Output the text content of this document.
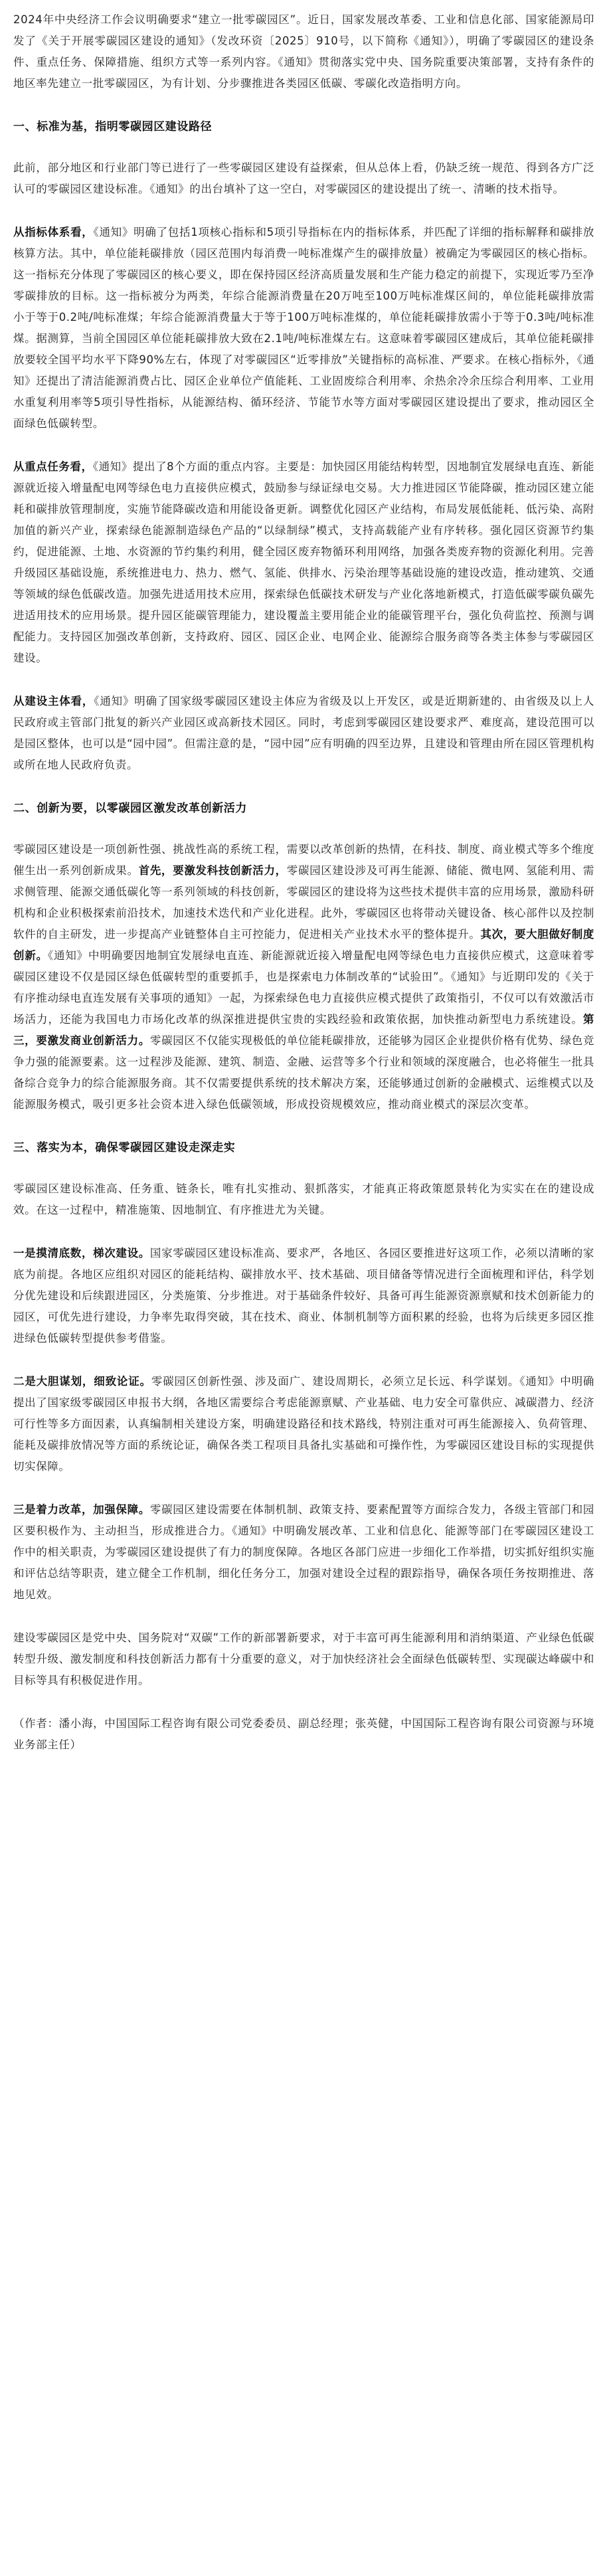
2024年中央经济工作会议明确要求“建立一批零碳园区”。近日，国家发展改革委、工业和信息化部、国家能源局印发了《关于开展零碳园区建设的通知》（发改环资〔2025〕910号，以下简称《通知》），明确了零碳园区的建设条件、重点任务、保障措施、组织方式等一系列内容。《通知》贯彻落实党中央、国务院重要决策部署，支持有条件的地区率先建立一批零碳园区，为有计划、分步骤推进各类园区低碳、零碳化改造指明方向。

一、标准为基，指明零碳园区建设路径

此前，部分地区和行业部门等已进行了一些零碳园区建设有益探索，但从总体上看，仍缺乏统一规范、得到各方广泛认可的零碳园区建设标准。《通知》的出台填补了这一空白，对零碳园区的建设提出了统一、清晰的技术指导。

从指标体系看，《通知》明确了包括1项核心指标和5项引导指标在内的指标体系，并匹配了详细的指标解释和碳排放核算方法。其中，单位能耗碳排放（园区范围内每消费一吨标准煤产生的碳排放量）被确定为零碳园区的核心指标。这一指标充分体现了零碳园区的核心要义，即在保持园区经济高质量发展和生产能力稳定的前提下，实现近零乃至净零碳排放的目标。这一指标被分为两类，年综合能源消费量在20万吨至100万吨标准煤区间的，单位能耗碳排放需小于等于0.2吨/吨标准煤；年综合能源消费量大于等于100万吨标准煤的，单位能耗碳排放需小于等于0.3吨/吨标准煤。据测算，当前全国园区单位能耗碳排放大致在2.1吨/吨标准煤左右。这意味着零碳园区建成后，其单位能耗碳排放要较全国平均水平下降90%左右，体现了对零碳园区“近零排放”关键指标的高标准、严要求。在核心指标外，《通知》还提出了清洁能源消费占比、园区企业单位产值能耗、工业固废综合利用率、余热余冷余压综合利用率、工业用水重复利用率等5项引导性指标，从能源结构、循环经济、节能节水等方面对零碳园区建设提出了要求，推动园区全面绿色低碳转型。

从重点任务看，《通知》提出了8个方面的重点内容。主要是：加快园区用能结构转型，因地制宜发展绿电直连、新能源就近接入增量配电网等绿色电力直接供应模式，鼓励参与绿证绿电交易。大力推进园区节能降碳，推动园区建立能耗和碳排放管理制度，实施节能降碳改造和用能设备更新。调整优化园区产业结构，布局发展低能耗、低污染、高附加值的新兴产业，探索绿色能源制造绿色产品的“以绿制绿”模式，支持高载能产业有序转移。强化园区资源节约集约，促进能源、土地、水资源的节约集约利用，健全园区废弃物循环利用网络，加强各类废弃物的资源化利用。完善升级园区基础设施，系统推进电力、热力、燃气、氢能、供排水、污染治理等基础设施的建设改造，推动建筑、交通等领域的绿色低碳改造。加强先进适用技术应用，探索绿色低碳技术研发与产业化落地新模式，打造低碳零碳负碳先进适用技术的应用场景。提升园区能碳管理能力，建设覆盖主要用能企业的能碳管理平台，强化负荷监控、预测与调配能力。支持园区加强改革创新，支持政府、园区、园区企业、电网企业、能源综合服务商等各类主体参与零碳园区建设。

从建设主体看，《通知》明确了国家级零碳园区建设主体应为省级及以上开发区，或是近期新建的、由省级及以上人民政府或主管部门批复的新兴产业园区或高新技术园区。同时，考虑到零碳园区建设要求严、难度高，建设范围可以是园区整体，也可以是“园中园”。但需注意的是，“园中园”应有明确的四至边界，且建设和管理由所在园区管理机构或所在地人民政府负责。

二、创新为要，以零碳园区激发改革创新活力

零碳园区建设是一项创新性强、挑战性高的系统工程，需要以改革创新的热情，在科技、制度、商业模式等多个维度催生出一系列创新成果。首先，要激发科技创新活力，零碳园区建设涉及可再生能源、储能、微电网、氢能利用、需求侧管理、能源交通低碳化等一系列领域的科技创新，零碳园区的建设将为这些技术提供丰富的应用场景，激励科研机构和企业积极探索前沿技术，加速技术迭代和产业化进程。此外，零碳园区也将带动关键设备、核心部件以及控制软件的自主研发，进一步提高产业链整体自主可控能力，促进相关产业技术水平的整体提升。其次，要大胆做好制度创新。《通知》中明确要因地制宜发展绿电直连、新能源就近接入增量配电网等绿色电力直接供应模式，这意味着零碳园区建设不仅是园区绿色低碳转型的重要抓手，也是探索电力体制改革的“试验田”。《通知》与近期印发的《关于有序推动绿电直连发展有关事项的通知》一起，为探索绿色电力直接供应模式提供了政策指引，不仅可以有效激活市场活力，还能为我国电力市场化改革的纵深推进提供宝贵的实践经验和政策依据，加快推动新型电力系统建设。第三，要激发商业创新活力。零碳园区不仅能实现极低的单位能耗碳排放，还能够为园区企业提供价格有优势、绿色竞争力强的能源要素。这一过程涉及能源、建筑、制造、金融、运营等多个行业和领域的深度融合，也必将催生一批具备综合竞争力的综合能源服务商。其不仅需要提供系统的技术解决方案，还能够通过创新的金融模式、运维模式以及能源服务模式，吸引更多社会资本进入绿色低碳领域，形成投资规模效应，推动商业模式的深层次变革。

三、落实为本，确保零碳园区建设走深走实

零碳园区建设标准高、任务重、链条长，唯有扎实推动、狠抓落实，才能真正将政策愿景转化为实实在在的建设成效。在这一过程中，精准施策、因地制宜、有序推进尤为关键。

一是摸清底数，梯次建设。国家零碳园区建设标准高、要求严，各地区、各园区要推进好这项工作，必须以清晰的家底为前提。各地区应组织对园区的能耗结构、碳排放水平、技术基础、项目储备等情况进行全面梳理和评估，科学划分优先建设和后续跟进园区，分类施策、分步推进。对于基础条件较好、具备可再生能源资源禀赋和技术创新能力的园区，可优先进行建设，力争率先取得突破，其在技术、商业、体制机制等方面积累的经验，也将为后续更多园区推进绿色低碳转型提供参考借鉴。

二是大胆谋划，细致论证。零碳园区创新性强、涉及面广、建设周期长，必须立足长远、科学谋划。《通知》中明确提出了国家级零碳园区申报书大纲，各地区需要综合考虑能源禀赋、产业基础、电力安全可靠供应、减碳潜力、经济可行性等多方面因素，认真编制相关建设方案，明确建设路径和技术路线，特别注重对可再生能源接入、负荷管理、能耗及碳排放情况等方面的系统论证，确保各类工程项目具备扎实基础和可操作性，为零碳园区建设目标的实现提供切实保障。

三是着力改革，加强保障。零碳园区建设需要在体制机制、政策支持、要素配置等方面综合发力，各级主管部门和园区要积极作为、主动担当，形成推进合力。《通知》中明确发展改革、工业和信息化、能源等部门在零碳园区建设工作中的相关职责，为零碳园区建设提供了有力的制度保障。各地区各部门应进一步细化工作举措，切实抓好组织实施和评估总结等职责，建立健全工作机制，细化任务分工，加强对建设全过程的跟踪指导，确保各项任务按期推进、落地见效。

建设零碳园区是党中央、国务院对“双碳”工作的新部署新要求，对于丰富可再生能源利用和消纳渠道、产业绿色低碳转型升级、激发制度和科技创新活力都有十分重要的意义，对于加快经济社会全面绿色低碳转型、实现碳达峰碳中和目标等具有积极促进作用。

（作者：潘小海，中国国际工程咨询有限公司党委委员、副总经理；张英健，中国国际工程咨询有限公司资源与环境业务部主任）
